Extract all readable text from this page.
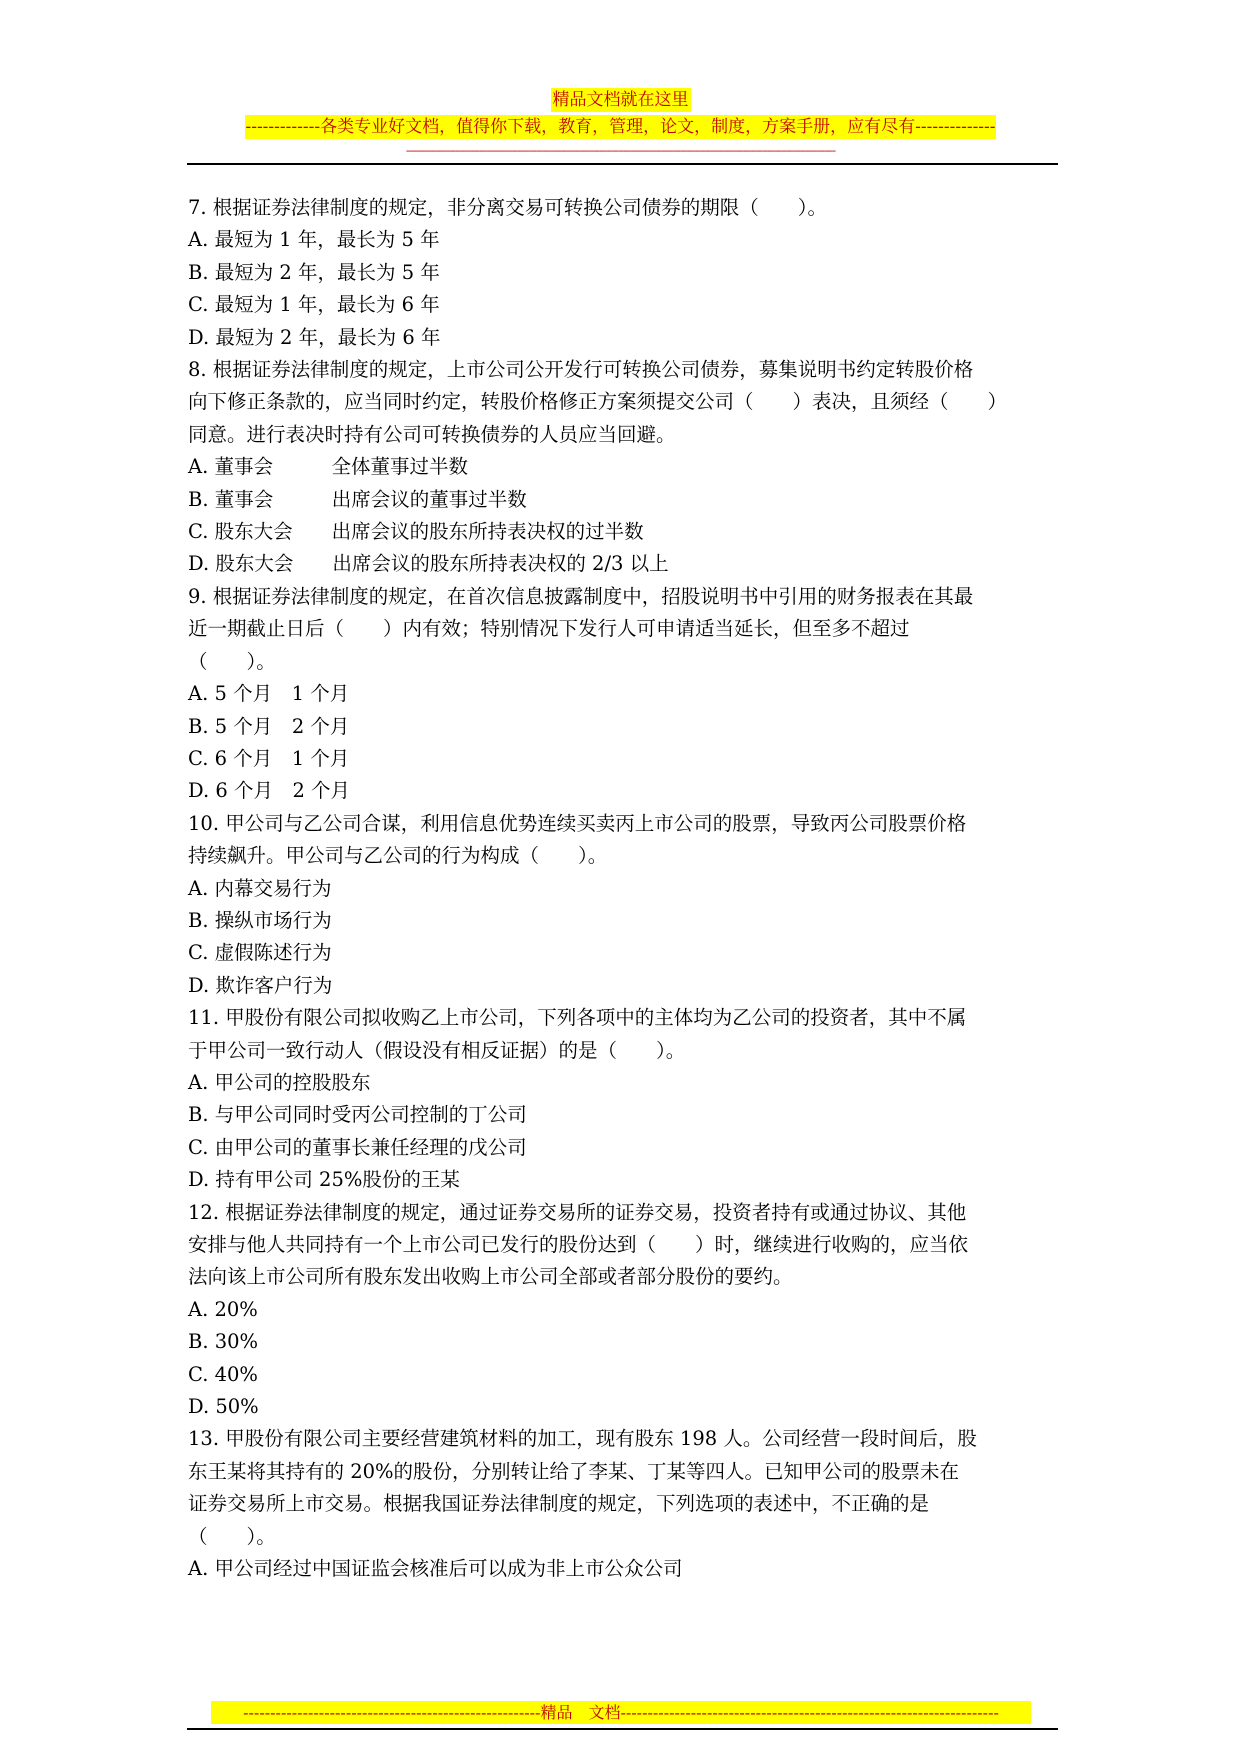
精品文档就在这里
-------------各类专业好文档，值得你下载，教育，管理，论文，制度，方案手册，应有尽有--------------
--------------------------------------------------------------------------------------------------------------------------------------------------------------
7. 根据证券法律制度的规定，非分离交易可转换公司债券的期限（　　）。
A. 最短为 1 年，最长为 5 年
B. 最短为 2 年，最长为 5 年
C. 最短为 1 年，最长为 6 年
D. 最短为 2 年，最长为 6 年
8. 根据证券法律制度的规定，上市公司公开发行可转换公司债券，募集说明书约定转股价格
向下修正条款的，应当同时约定，转股价格修正方案须提交公司（　　）表决，且须经（　　）
同意。进行表决时持有公司可转换债券的人员应当回避。
A. 董事会　　　全体董事过半数
B. 董事会　　　出席会议的董事过半数
C. 股东大会　　出席会议的股东所持表决权的过半数
D. 股东大会　　出席会议的股东所持表决权的 2/3 以上
9. 根据证券法律制度的规定，在首次信息披露制度中，招股说明书中引用的财务报表在其最
近一期截止日后（　　）内有效；特别情况下发行人可申请适当延长，但至多不超过
（　　）。
A. 5 个月　1 个月
B. 5 个月　2 个月
C. 6 个月　1 个月
D. 6 个月　2 个月
10. 甲公司与乙公司合谋，利用信息优势连续买卖丙上市公司的股票，导致丙公司股票价格
持续飙升。甲公司与乙公司的行为构成（　　）。
A. 内幕交易行为
B. 操纵市场行为
C. 虚假陈述行为
D. 欺诈客户行为
11. 甲股份有限公司拟收购乙上市公司，下列各项中的主体均为乙公司的投资者，其中不属
于甲公司一致行动人（假设没有相反证据）的是（　　）。
A. 甲公司的控股股东
B. 与甲公司同时受丙公司控制的丁公司
C. 由甲公司的董事长兼任经理的戊公司
D. 持有甲公司 25%股份的王某
12. 根据证券法律制度的规定，通过证券交易所的证券交易，投资者持有或通过协议、其他
安排与他人共同持有一个上市公司已发行的股份达到（　　）时，继续进行收购的，应当依
法向该上市公司所有股东发出收购上市公司全部或者部分股份的要约。
A. 20%
B. 30%
C. 40%
D. 50%
13. 甲股份有限公司主要经营建筑材料的加工，现有股东 198 人。公司经营一段时间后，股
东王某将其持有的 20%的股份，分别转让给了李某、丁某等四人。已知甲公司的股票未在
证券交易所上市交易。根据我国证券法律制度的规定，下列选项的表述中，不正确的是
（　　）。
A. 甲公司经过中国证监会核准后可以成为非上市公众公司
-------------------------------------------------------精品　文档----------------------------------------------------------------------
